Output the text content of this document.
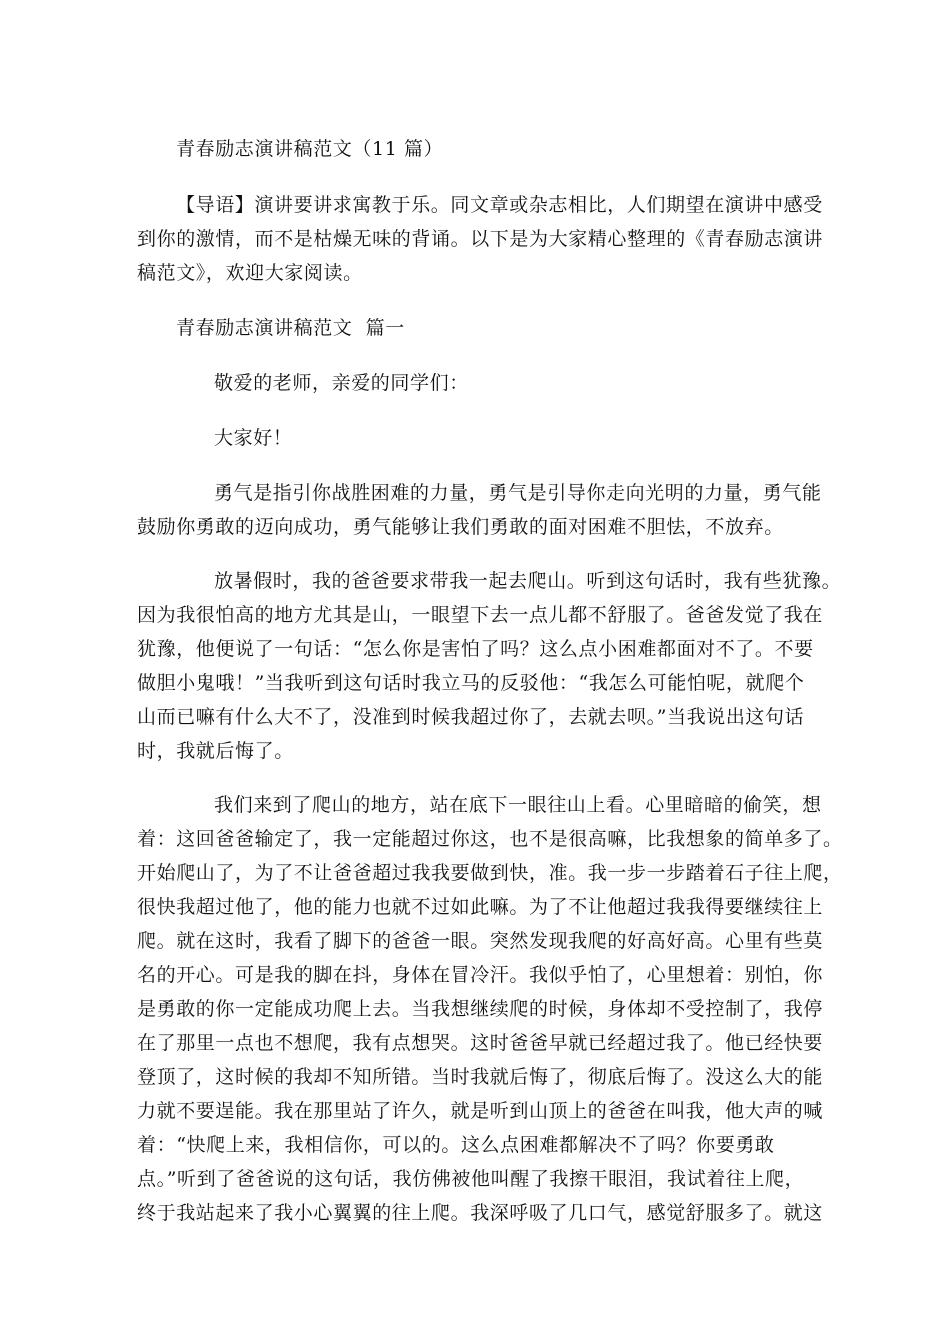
青春励志演讲稿范文（11 篇）
【导语】演讲要讲求寓教于乐。同文章或杂志相比，人们期望在演讲中感受
到你的激情，而不是枯燥无味的背诵。以下是为大家精心整理的《青春励志演讲
稿范文》，欢迎大家阅读。
青春励志演讲稿范文  篇一
敬爱的老师，亲爱的同学们：
大家好！
勇气是指引你战胜困难的力量，勇气是引导你走向光明的力量，勇气能
鼓励你勇敢的迈向成功，勇气能够让我们勇敢的面对困难不胆怯，不放弃。
放暑假时，我的爸爸要求带我一起去爬山。听到这句话时，我有些犹豫。
因为我很怕高的地方尤其是山，一眼望下去一点儿都不舒服了。爸爸发觉了我在
犹豫，他便说了一句话：“怎么你是害怕了吗？这么点小困难都面对不了。不要
做胆小鬼哦！”当我听到这句话时我立马的反驳他：“我怎么可能怕呢，就爬个
山而已嘛有什么大不了，没准到时候我超过你了，去就去呗。”当我说出这句话
时，我就后悔了。
我们来到了爬山的地方，站在底下一眼往山上看。心里暗暗的偷笑，想
着：这回爸爸输定了，我一定能超过你这，也不是很高嘛，比我想象的简单多了。
开始爬山了，为了不让爸爸超过我我要做到快，准。我一步一步踏着石子往上爬，
很快我超过他了，他的能力也就不过如此嘛。为了不让他超过我我得要继续往上
爬。就在这时，我看了脚下的爸爸一眼。突然发现我爬的好高好高。心里有些莫
名的开心。可是我的脚在抖，身体在冒冷汗。我似乎怕了，心里想着：别怕，你
是勇敢的你一定能成功爬上去。当我想继续爬的时候，身体却不受控制了，我停
在了那里一点也不想爬，我有点想哭。这时爸爸早就已经超过我了。他已经快要
登顶了，这时候的我却不知所错。当时我就后悔了，彻底后悔了。没这么大的能
力就不要逞能。我在那里站了许久，就是听到山顶上的爸爸在叫我，他大声的喊
着：“快爬上来，我相信你，可以的。这么点困难都解决不了吗？你要勇敢
点。”听到了爸爸说的这句话，我仿佛被他叫醒了我擦干眼泪，我试着往上爬，
终于我站起来了我小心翼翼的往上爬。我深呼吸了几口气，感觉舒服多了。就这
